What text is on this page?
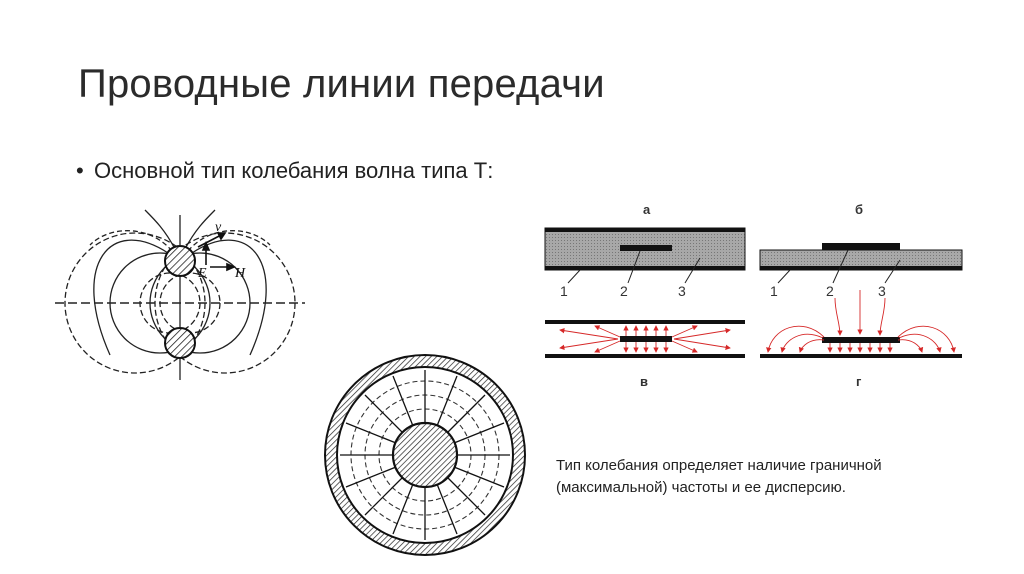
Проводные линии передачи
• Основной тип колебания волна типа Т:
v
E H
а	б
1	2	3	1	2	3
в	г
Тип колебания определяет наличие граничной (максимальной) частоты и ее дисперсию.
